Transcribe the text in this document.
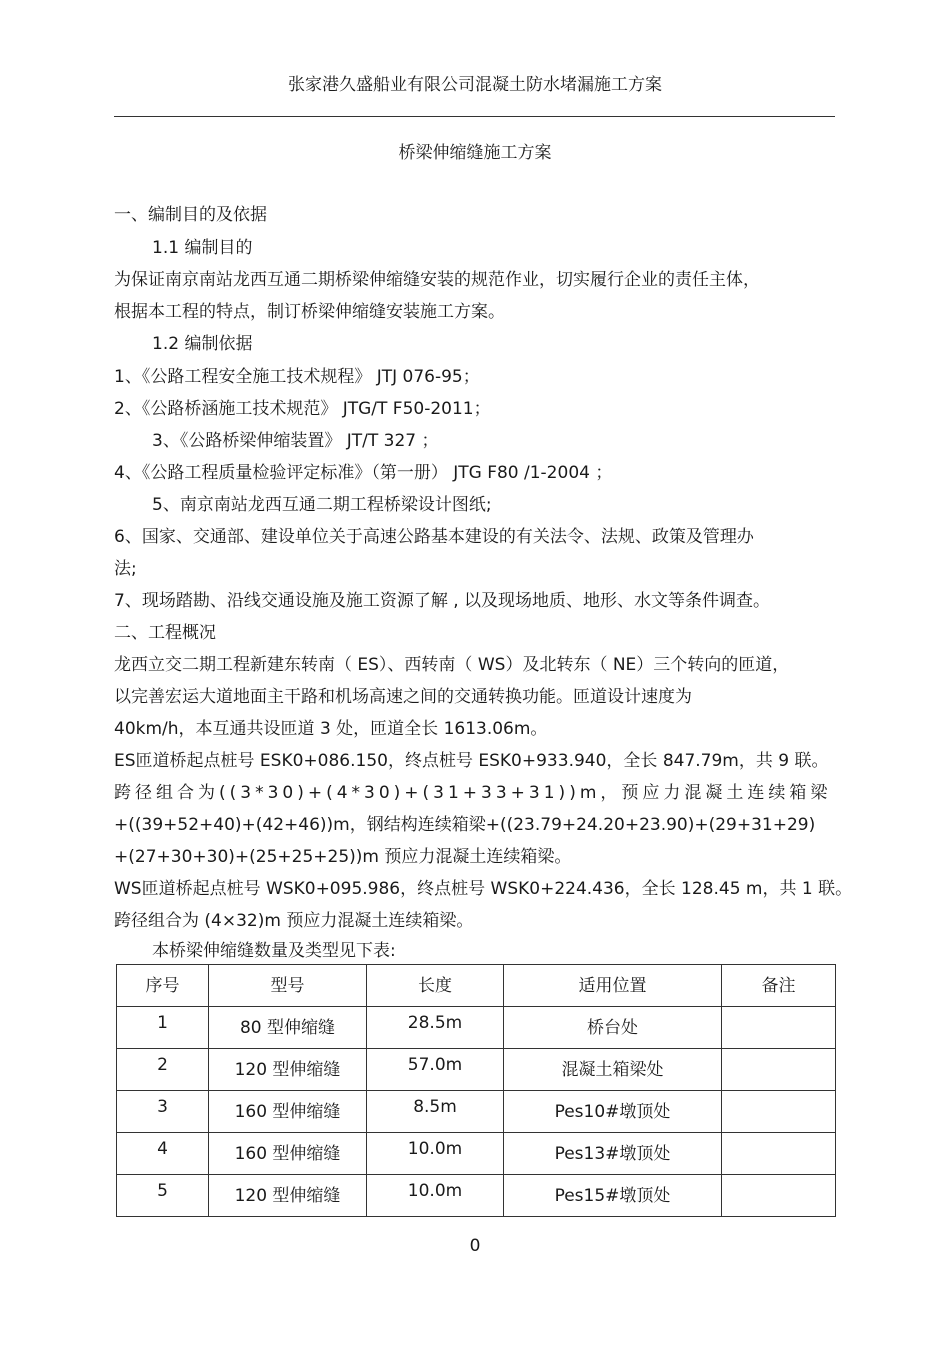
张家港久盛船业有限公司混凝土防水堵漏施工方案
桥梁伸缩缝施工方案
一、编制目的及依据
1.1 编制目的
为保证南京南站龙西互通二期桥梁伸缩缝安装的规范作业，切实履行企业的责任主体，
根据本工程的特点，制订桥梁伸缩缝安装施工方案。
1.2 编制依据
1、《公路工程安全施工技术规程》 JTJ 076-95；
2、《公路桥涵施工技术规范》 JTG/T F50-2011；
3、《公路桥梁伸缩装置》 JT/T 327 ；
4、《公路工程质量检验评定标准》（第一册） JTG F80 /1-2004 ；
5、南京南站龙西互通二期工程桥梁设计图纸;
6、国家、交通部、建设单位关于高速公路基本建设的有关法令、法规、政策及管理办
法;
7、现场踏勘、沿线交通设施及施工资源了解 , 以及现场地质、地形、水文等条件调查。
二、工程概况
龙西立交二期工程新建东转南（ ES）、西转南（ WS）及北转东（ NE）三个转向的匝道，
以完善宏运大道地面主干路和机场高速之间的交通转换功能。匝道设计速度为
40km/h，本互通共设匝道 3 处，匝道全长 1613.06m。
ES匝道桥起点桩号 ESK0+086.150，终点桩号 ESK0+933.940，全长 847.79m，共 9 联。
跨径组合为((3*30)+(4*30)+(31+33+31))m，预应力混凝土连续箱梁
+((39+52+40)+(42+46))m，钢结构连续箱梁+((23.79+24.20+23.90)+(29+31+29)
+(27+30+30)+(25+25+25))m 预应力混凝土连续箱梁。
WS匝道桥起点桩号 WSK0+095.986，终点桩号 WSK0+224.436，全长 128.45 m，共 1 联。
跨径组合为 (4×32)m 预应力混凝土连续箱梁。
本桥梁伸缩缝数量及类型见下表:
序号	型号	长度	适用位置	备注
1	80 型伸缩缝	28.5m	桥台处	
2	120 型伸缩缝	57.0m	混凝土箱梁处	
3	160 型伸缩缝	8.5m	Pes10#墩顶处	
4	160 型伸缩缝	10.0m	Pes13#墩顶处	
5	120 型伸缩缝	10.0m	Pes15#墩顶处	
0
